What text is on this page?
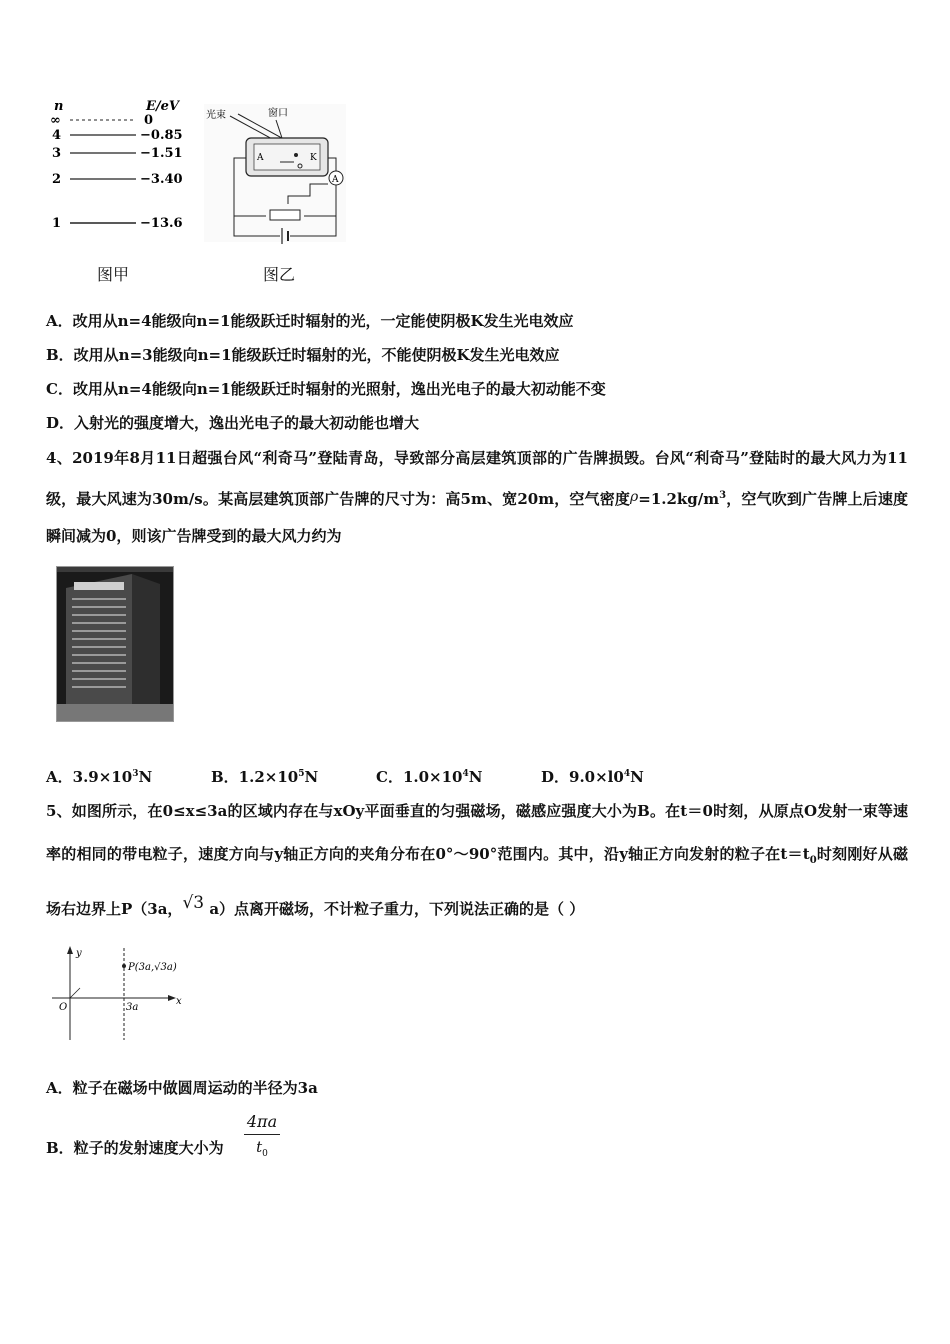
n	E/eV
∞	0
4	−0.85
3	−1.51
2	−3.40
1	−13.6
光束	窗口
A	K
A
图甲	图乙
A．改用从n=4能级向n=1能级跃迁时辐射的光，一定能使阴极K发生光电效应
B．改用从n=3能级向n=1能级跃迁时辐射的光，不能使阴极K发生光电效应
C．改用从n=4能级向n=1能级跃迁时辐射的光照射，逸出光电子的最大初动能不变
D．入射光的强度增大，逸出光电子的最大初动能也增大
4、2019年8月11日超强台风“利奇马”登陆青岛，导致部分高层建筑顶部的广告牌损毁。台风“利奇马”登陆时的最大风力为11级，最大风速为30m/s。某高层建筑顶部广告牌的尺寸为：高5m、宽20m，空气密度$\rho=1.2kg/m^3$，空气吹到广告牌上后速度瞬间减为0，则该广告牌受到的最大风力约为
A．$3.9\times 10^3N$	B．$1.2\times 10^5N$	C．$1.0\times 10^4N$	D．$9.0\times l0^4N$
5、如图所示，在0≤x≤3a的区域内存在与xOy平面垂直的匀强磁场，磁感应强度大小为B。在t＝0时刻，从原点O发射一束等速率的相同的带电粒子，速度方向与y轴正方向的夹角分布在0°～90°范围内。其中，沿y轴正方向发射的粒子在$t=t_0$时刻刚好从磁场右边界上P（3a，√3 a）点离开磁场，不计粒子重力，下列说法正确的是（ ）
y
x
O	3a
P(3a,√3a)
A．粒子在磁场中做圆周运动的半径为3a
B．粒子的发射速度大小为
4πa
$t_0$
